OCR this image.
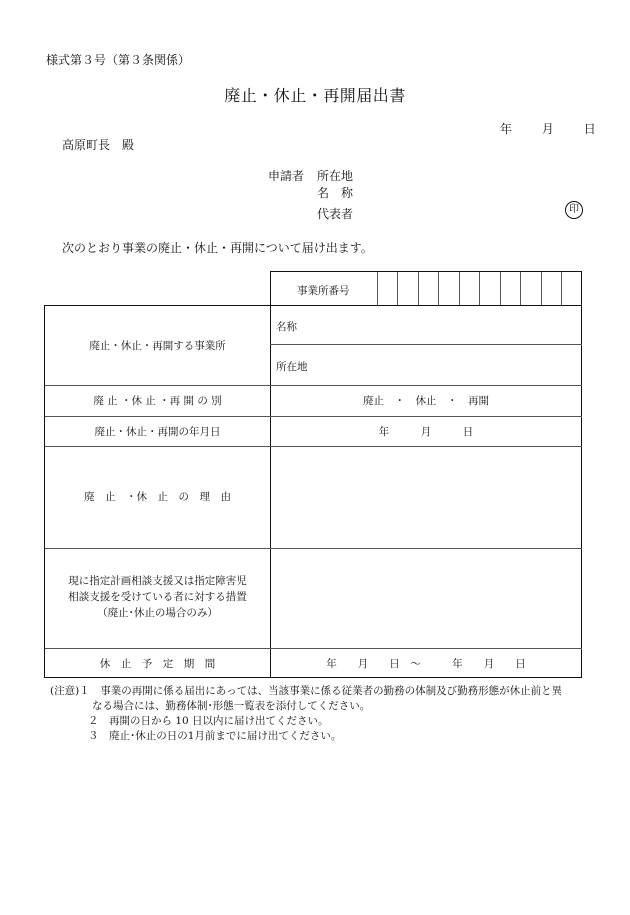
様式第３号（第３条関係）
廃止・休止・再開届出書
年 月 日
高原町長　殿
申請者 所在地
名　称
代表者	印
次のとおり事業の廃止・休止・再開について届け出ます。
事業所番号
廃止・休止・再開する事業所
名称
所在地
廃 止 ・休 止 ・再 開 の 別	廃止　・　休止　・　再開
廃止・休止・再開の年月日	年　　　月　　　日
廃　止　・休　止　の　理　由
現に指定計画相談支援又は指定障害児
相談支援を受けている者に対する措置
（廃止･休止の場合のみ）
休　止　予　定　期　間	年　　月　　日　〜　　　年　　月　　日
(注意)１　事業の再開に係る届出にあっては、当該事業に係る従業者の勤務の体制及び勤務形態が休止前と異
なる場合には、勤務体制･形態一覧表を添付してください。
２　再開の日から 10 日以内に届け出てください。
３　廃止･休止の日の1月前までに届け出てください。
